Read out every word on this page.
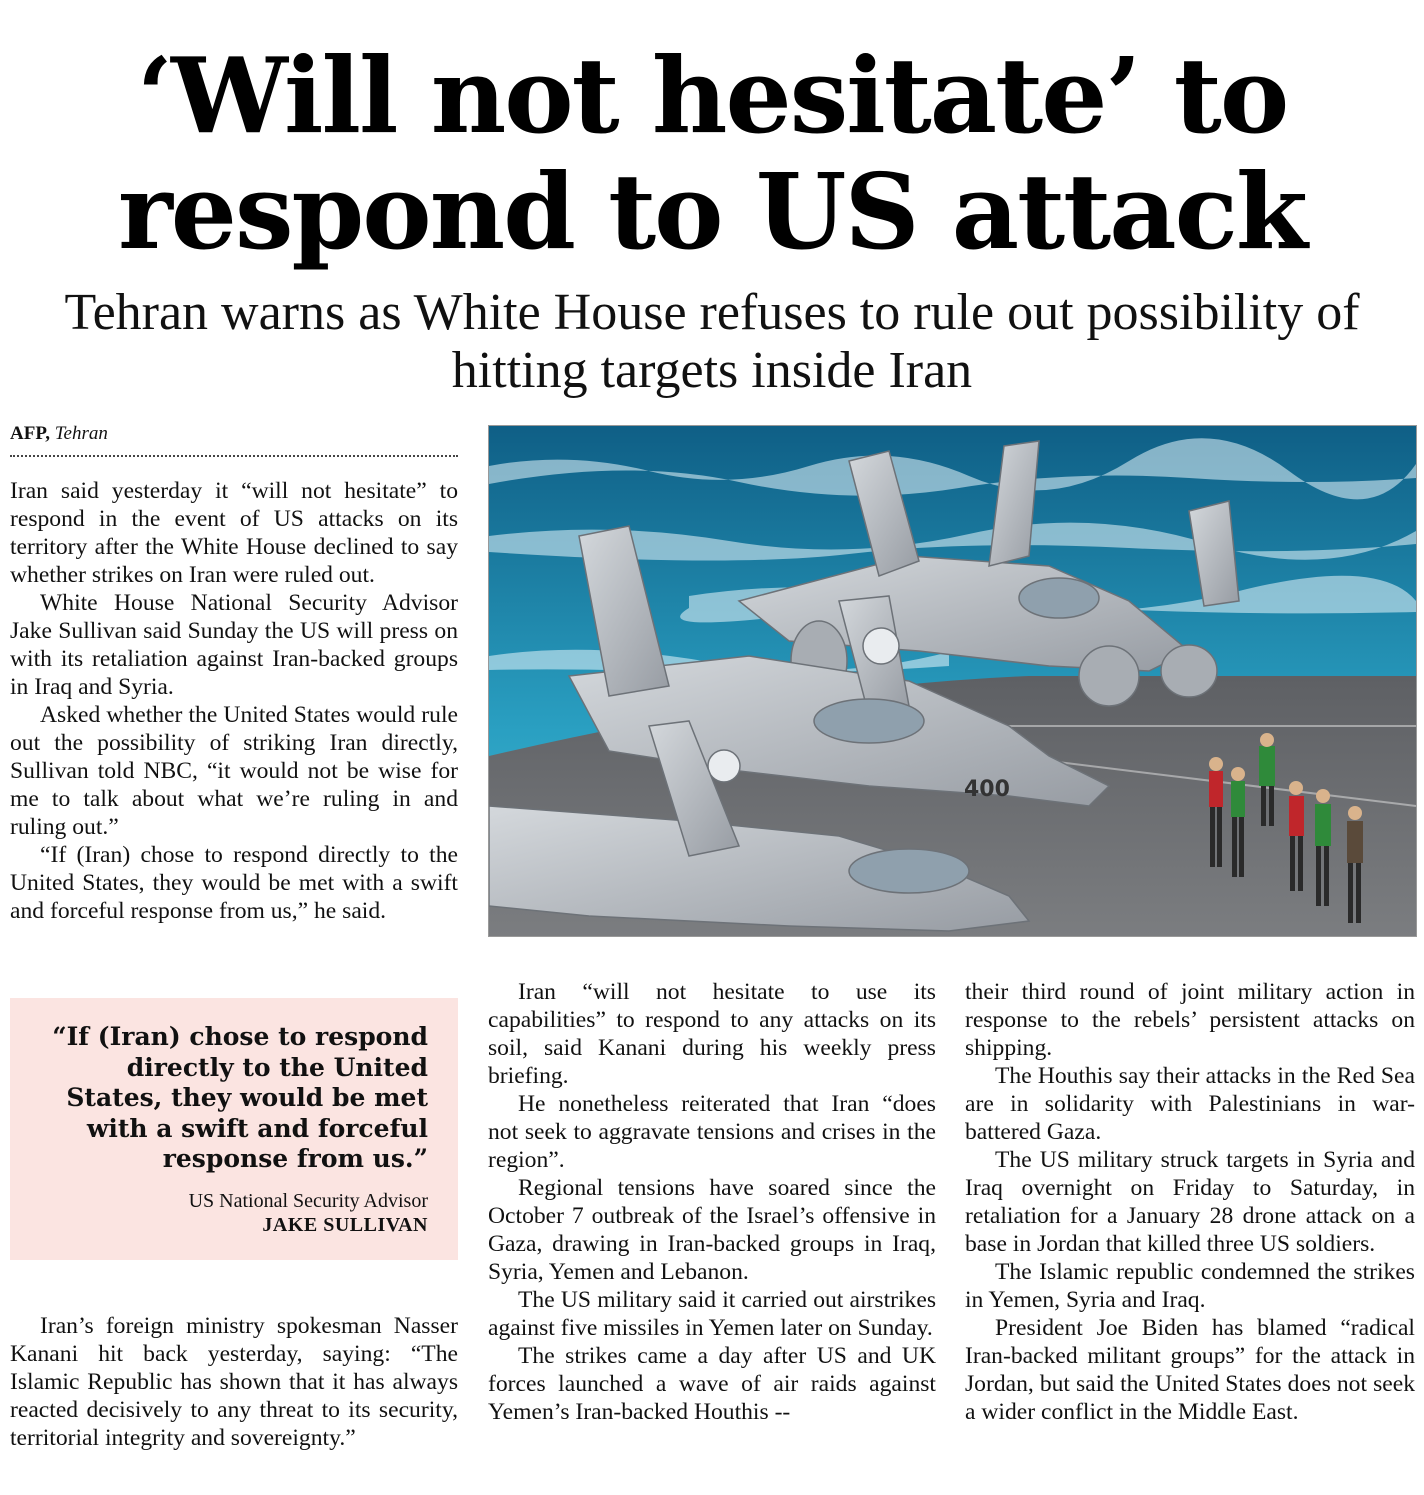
‘Will not hesitate’ to
respond to US attack
Tehran warns as White House refuses to rule out possibility of
hitting targets inside Iran
AFP, Tehran

Iran said yesterday it “will not hesitate” to respond in the event of US attacks on its territory after the White House declined to say whether strikes on Iran were ruled out.

White House National Security Advisor Jake Sullivan said Sunday the US will press on with its retaliation against Iran-backed groups in Iraq and Syria.

Asked whether the United States would rule out the possibility of striking Iran directly, Sullivan told NBC, “it would not be wise for me to talk about what we’re ruling in and ruling out.”

“If (Iran) chose to respond directly to the United States, they would be met with a swift and forceful response from us,” he said.

“If (Iran) chose to respond directly to the United States, they would be met with a swift and forceful response from us.”

US National Security Advisor
JAKE SULLIVAN

Iran’s foreign ministry spokesman Nasser Kanani hit back yesterday, saying: “The Islamic Republic has shown that it has always reacted decisively to any threat to its security, territorial integrity and sovereignty.”

400

Iran “will not hesitate to use its capabilities” to respond to any attacks on its soil, said Kanani during his weekly press briefing.

He nonetheless reiterated that Iran “does not seek to aggravate tensions and crises in the region”.

Regional tensions have soared since the October 7 outbreak of the Israel’s offensive in Gaza, drawing in Iran-backed groups in Iraq, Syria, Yemen and Lebanon.

The US military said it carried out airstrikes against five missiles in Yemen later on Sunday.

The strikes came a day after US and UK forces launched a wave of air raids against Yemen’s Iran-backed Houthis --

their third round of joint military action in response to the rebels’ persistent attacks on shipping.

The Houthis say their attacks in the Red Sea are in solidarity with Palestinians in war-battered Gaza.

The US military struck targets in Syria and Iraq overnight on Friday to Saturday, in retaliation for a January 28 drone attack on a base in Jordan that killed three US soldiers.

The Islamic republic condemned the strikes in Yemen, Syria and Iraq.

President Joe Biden has blamed “radical Iran-backed militant groups” for the attack in Jordan, but said the United States does not seek a wider conflict in the Middle East.
